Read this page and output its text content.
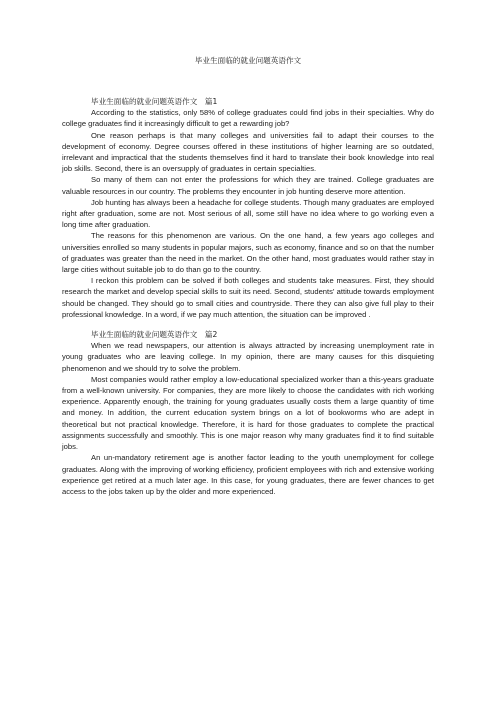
毕业生面临的就业问题英语作文
毕业生面临的就业问题英语作文　篇1

According to the statistics, only 58% of college graduates could find jobs in their specialties. Why do college graduates find it increasingly difficult to get a rewarding job?

One reason perhaps is that many colleges and universities fail to adapt their courses to the development of economy. Degree courses offered in these institutions of higher learning are so outdated, irrelevant and impractical that the students themselves find it hard to translate their book knowledge into real job skills. Second, there is an oversupply of graduates in certain specialties.

So many of them can not enter the professions for which they are trained. College graduates are valuable resources in our country. The problems they encounter in job hunting deserve more attention.

Job hunting has always been a headache for college students. Though many graduates are employed right after graduation, some are not. Most serious of all, some still have no idea where to go working even a long time after graduation.

The reasons for this phenomenon are various. On the one hand, a few years ago colleges and universities enrolled so many students in popular majors, such as economy, finance and so on that the number of graduates was greater than the need in the market. On the other hand, most graduates would rather stay in large cities without suitable job to do than go to the country.

I reckon this problem can be solved if both colleges and students take measures. First, they should research the market and develop special skills to suit its need. Second, students' attitude towards employment should be changed. They should go to small cities and countryside. There they can also give full play to their professional knowledge. In a word, if we pay much attention, the situation can be improved .

毕业生面临的就业问题英语作文　篇2

When we read newspapers, our attention is always attracted by increasing unemployment rate in young graduates who are leaving college. In my opinion, there are many causes for this disquieting phenomenon and we should try to solve the problem.

Most companies would rather employ a low-educational specialized worker than a this-years graduate from a well-known university. For companies, they are more likely to choose the candidates with rich working experience. Apparently enough, the training for young graduates usually costs them a large quantity of time and money. In addition, the current education system brings on a lot of bookworms who are adept in theoretical but not practical knowledge. Therefore, it is hard for those graduates to complete the practical assignments successfully and smoothly. This is one major reason why many graduates find it to find suitable jobs.

An un-mandatory retirement age is another factor leading to the youth unemployment for college graduates. Along with the improving of working efficiency, proficient employees with rich and extensive working experience get retired at a much later age. In this case, for young graduates, there are fewer chances to get access to the jobs taken up by the older and more experienced.
